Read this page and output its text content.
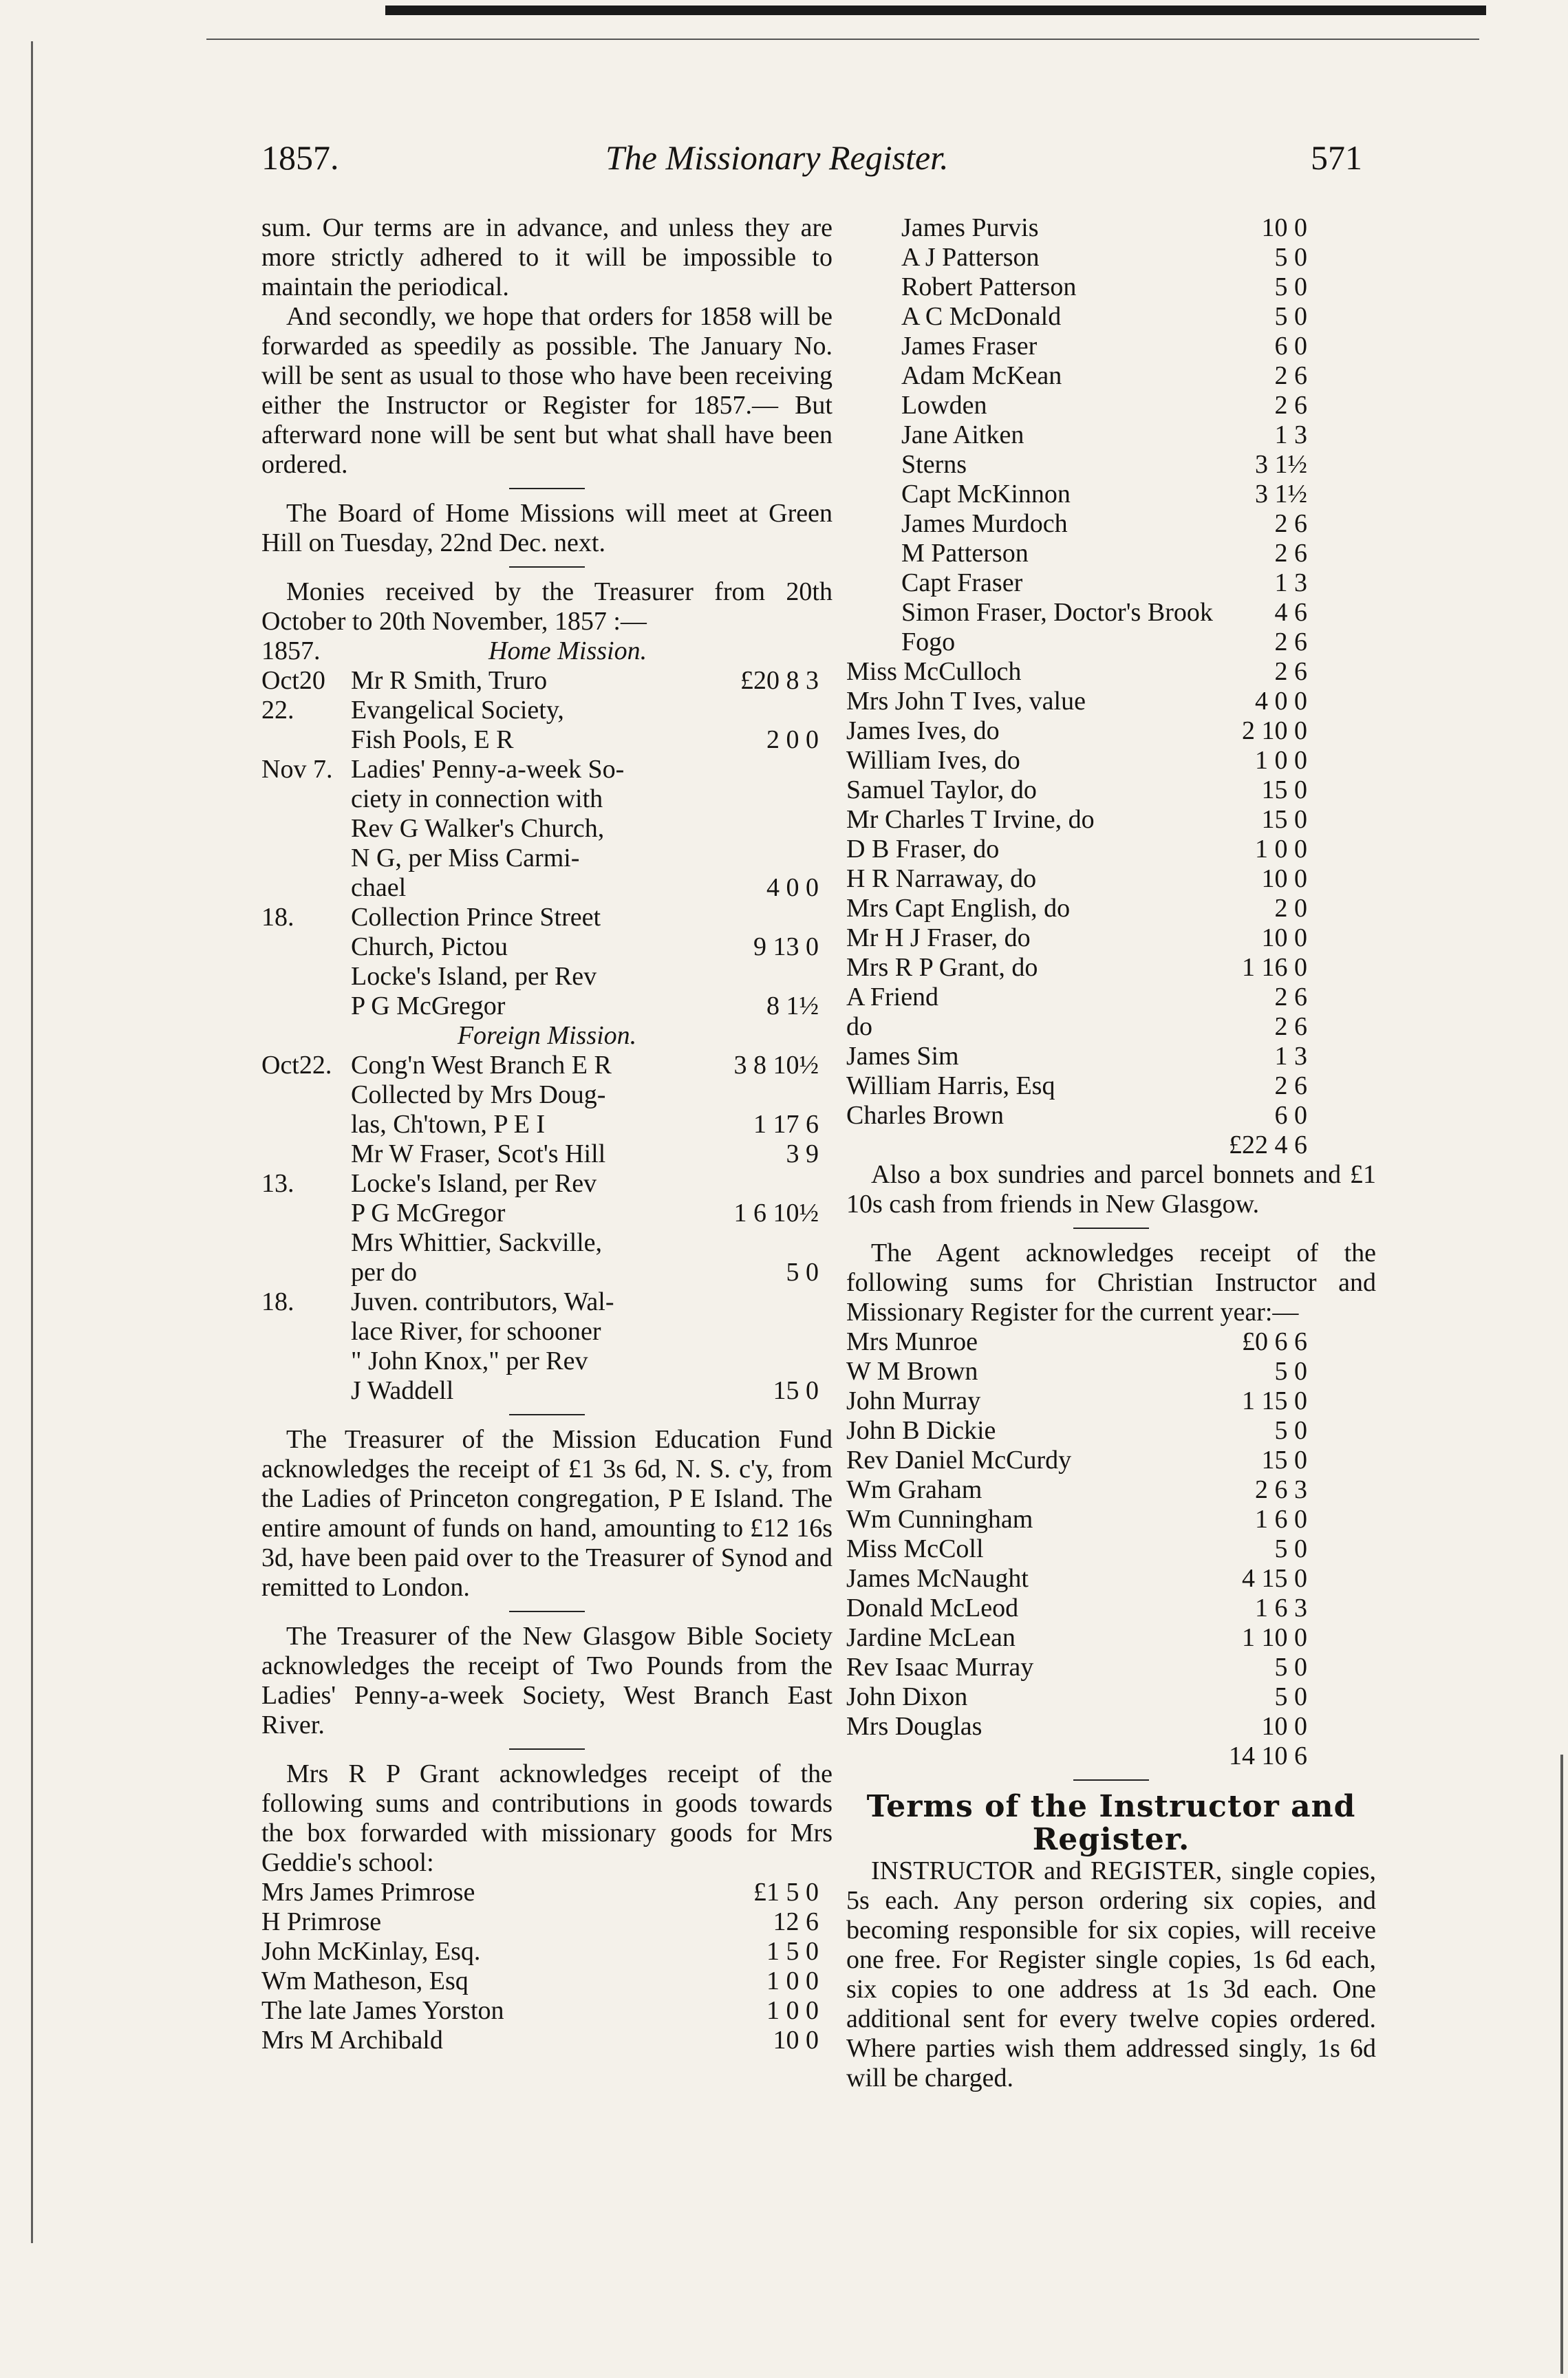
1857.	The Missionary Register.	571

sum. Our terms are in advance, and unless they are more strictly adhered to it will be impossible to maintain the periodical.

And secondly, we hope that orders for 1858 will be forwarded as speedily as possible. The January No. will be sent as usual to those who have been receiving either the Instructor or Register for 1857.— But afterward none will be sent but what shall have been ordered.

The Board of Home Missions will meet at Green Hill on Tuesday, 22nd Dec. next.

Monies received by the Treasurer from 20th October to 20th November, 1857 :—

1857.	Home Mission.
Oct20 Mr R Smith, Truro	£20 8 3
22. Evangelical Society,
Fish Pools, E R	2 0 0
Nov 7. Ladies' Penny-a-week So-
ciety in connection with
Rev G Walker's Church,
N G, per Miss Carmi-
chael	4 0 0
18. Collection Prince Street
Church, Pictou	9 13 0
Locke's Island, per Rev
P G McGregor	8 1½
Foreign Mission.
Oct22. Cong'n West Branch E R	3 8 10½
Collected by Mrs Doug-
las, Ch'town, P E I	1 17 6
Mr W Fraser, Scot's Hill	3 9
13. Locke's Island, per Rev
P G McGregor	1 6 10½
Mrs Whittier, Sackville,
per do	5 0
18. Juven. contributors, Wal-
lace River, for schooner
" John Knox," per Rev
J Waddell	15 0

The Treasurer of the Mission Education Fund acknowledges the receipt of £1 3s 6d, N. S. c'y, from the Ladies of Princeton congregation, P E Island. The entire amount of funds on hand, amounting to £12 16s 3d, have been paid over to the Treasurer of Synod and remitted to London.

The Treasurer of the New Glasgow Bible Society acknowledges the receipt of Two Pounds from the Ladies' Penny-a-week Society, West Branch East River.

Mrs R P Grant acknowledges receipt of the following sums and contributions in goods towards the box forwarded with missionary goods for Mrs Geddie's school:

Mrs James Primrose	£1 5 0
H Primrose	12 6
John McKinlay, Esq.	1 5 0
Wm Matheson, Esq	1 0 0
The late James Yorston	1 0 0
Mrs M Archibald	10 0
James Purvis	10 0
A J Patterson	5 0
Robert Patterson	5 0
A C McDonald	5 0
James Fraser	6 0
Adam McKean	2 6
Lowden	2 6
Jane Aitken	1 3
Sterns	3 1½
Capt McKinnon	3 1½
James Murdoch	2 6
M Patterson	2 6
Capt Fraser	1 3
Simon Fraser, Doctor's Brook 4 6
Fogo	2 6
Miss McCulloch	2 6
Mrs John T Ives, value	4 0 0
James Ives, do	2 10 0
William Ives, do	1 0 0
Samuel Taylor, do	15 0
Mr Charles T Irvine, do	15 0
D B Fraser, do	1 0 0
H R Narraway, do	10 0
Mrs Capt English, do	2 0
Mr H J Fraser, do	10 0
Mrs R P Grant, do	1 16 0
A Friend	2 6
do	2 6
James Sim	1 3
William Harris, Esq	2 6
Charles Brown	6 0
£22 4 6

Also a box sundries and parcel bonnets and £1 10s cash from friends in New Glasgow.

The Agent acknowledges receipt of the following sums for Christian Instructor and Missionary Register for the current year:—

Mrs Munroe	£0 6 6
W M Brown	5 0
John Murray	1 15 0
John B Dickie	5 0
Rev Daniel McCurdy	15 0
Wm Graham	2 6 3
Wm Cunningham	1 6 0
Miss McColl	5 0
James McNaught	4 15 0
Donald McLeod	1 6 3
Jardine McLean	1 10 0
Rev Isaac Murray	5 0
John Dixon	5 0
Mrs Douglas	10 0
14 10 6
Terms of the Instructor and Register.

INSTRUCTOR and REGISTER, single copies, 5s each. Any person ordering six copies, and becoming responsible for six copies, will receive one free. For Register single copies, 1s 6d each, six copies to one address at 1s 3d each. One additional sent for every twelve copies ordered. Where parties wish them addressed singly, 1s 6d will be charged.
